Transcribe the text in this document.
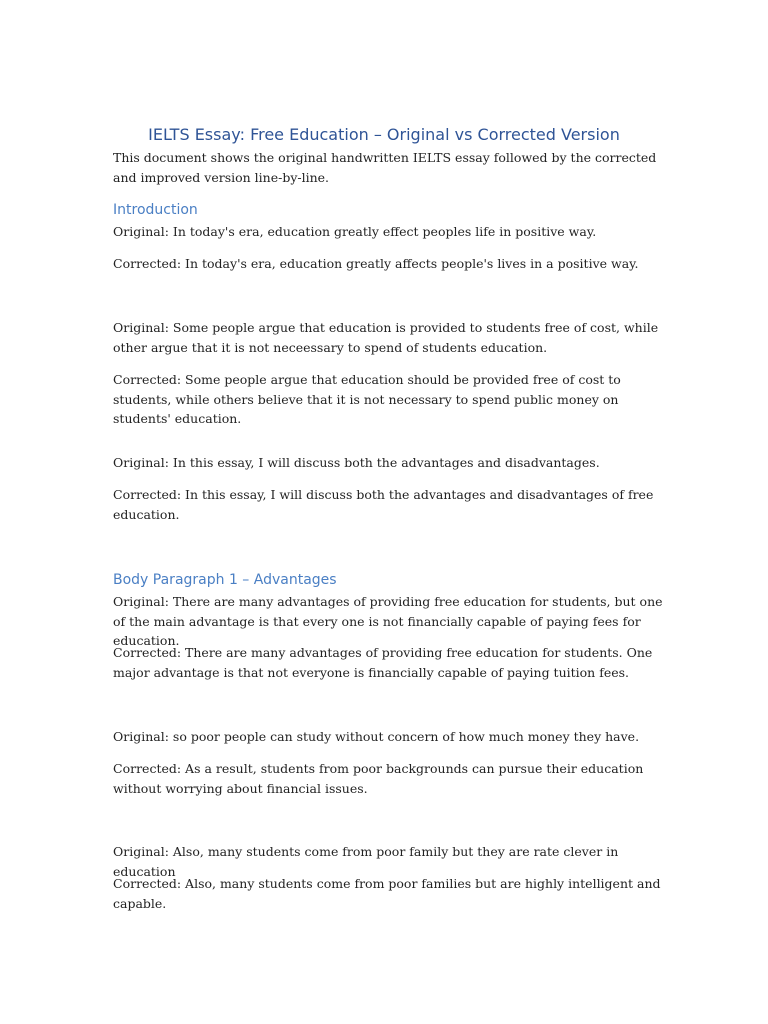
IELTS Essay: Free Education – Original vs Corrected Version

This document shows the original handwritten IELTS essay followed by the corrected and improved version line-by-line.

Introduction

Original: In today's era, education greatly effect peoples life in positive way.

Corrected: In today's era, education greatly affects people's lives in a positive way.

Original: Some people argue that education is provided to students free of cost, while other argue that it is not neceessary to spend of students education.

Corrected: Some people argue that education should be provided free of cost to students, while others believe that it is not necessary to spend public money on students' education.

Original: In this essay, I will discuss both the advantages and disadvantages.

Corrected: In this essay, I will discuss both the advantages and disadvantages of free education.

Body Paragraph 1 – Advantages

Original: There are many advantages of providing free education for students, but one of the main advantage is that every one is not financially capable of paying fees for education.

Corrected: There are many advantages of providing free education for students. One major advantage is that not everyone is financially capable of paying tuition fees.

Original: so poor people can study without concern of how much money they have.

Corrected: As a result, students from poor backgrounds can pursue their education without worrying about financial issues.

Original: Also, many students come from poor family but they are rate clever in education

Corrected: Also, many students come from poor families but are highly intelligent and capable.
